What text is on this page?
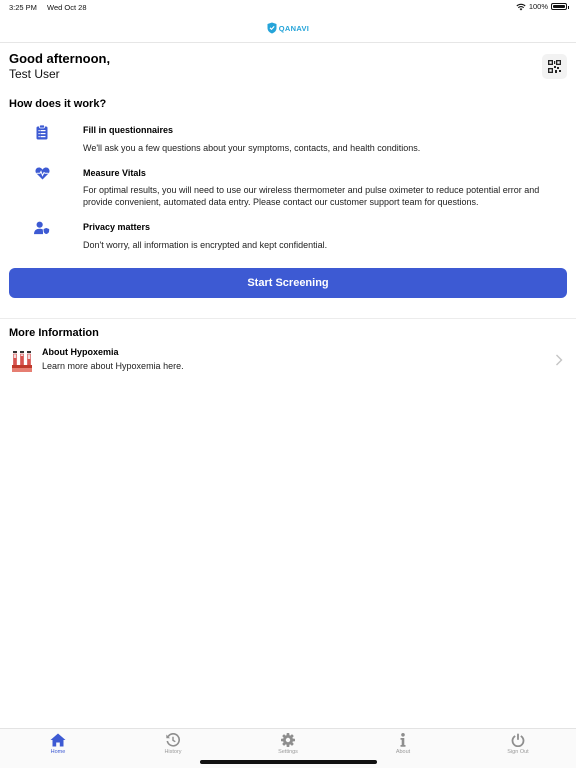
3:25 PM Wed Oct 28	100%
QANAVI
Good afternoon,
Test User
How does it work?
Fill in questionnaires
We'll ask you a few questions about your symptoms, contacts, and health conditions.
Measure Vitals
For optimal results, you will need to use our wireless thermometer and pulse oximeter to reduce potential error and provide convenient, automated data entry. Please contact our customer support team for questions.
Privacy matters
Don't worry, all information is encrypted and kept confidential.
Start Screening
More Information
About Hypoxemia
Learn more about Hypoxemia here.
Home	History	Settings	About	Sign Out
